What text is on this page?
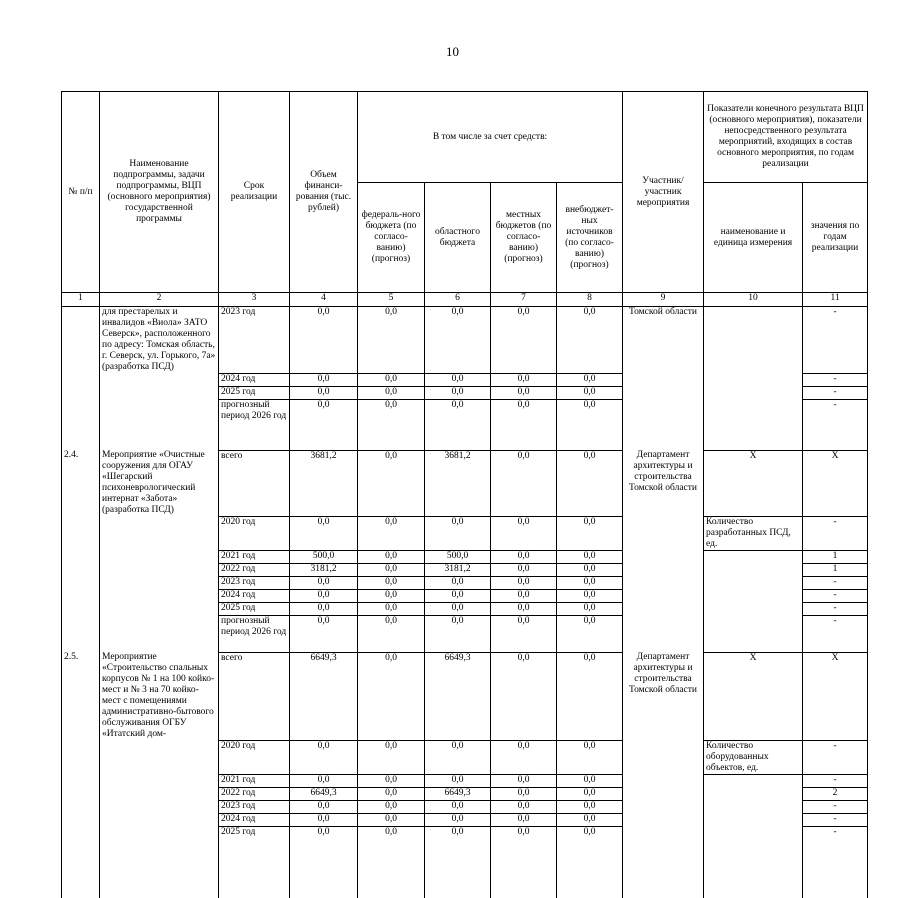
10
№ п/п	Наименование подпрограммы, задачи подпрограммы, ВЦП (основного мероприятия) государственной программы	Срок реализации	Объем финанси-рования (тыс. рублей)	В том числе за счет средств:				Участник/ участник мероприятия	Показатели конечного результата ВЦП (основного мероприятия), показатели непосредственного результата мероприятий, входящих в состав основного мероприятия, по годам реализации	
				федераль-ного бюджета (по согласо-ванию) (прогноз)	областного бюджета	местных бюджетов (по согласо-ванию) (прогноз)	внебюджет-ных источников (по согласо-ванию) (прогноз)		наименование и единица измерения	значения по годам реализации
1	2	3	4	5	6	7	8	9	10	11
	для престарелых и инвалидов «Виола» ЗАТО Северск», расположенного по адресу: Томская область, г. Северск, ул. Горького, 7а» (разработка ПСД)	2023 год	0,0	0,0	0,0	0,0	0,0	Томской области		-
		2024 год	0,0	0,0	0,0	0,0	0,0			-
		2025 год	0,0	0,0	0,0	0,0	0,0			-
		прогнозный период 2026 год	0,0	0,0	0,0	0,0	0,0			-
2.4.	Мероприятие «Очистные сооружения для ОГАУ «Шегарский психоневрологический интернат «Забота» (разработка ПСД)	всего	3681,2	0,0	3681,2	0,0	0,0	Департамент архитектуры и строительства Томской области	Х	Х
		2020 год	0,0	0,0	0,0	0,0	0,0		Количество разработанных ПСД, ед.	-
		2021 год	500,0	0,0	500,0	0,0	0,0			1
		2022 год	3181,2	0,0	3181,2	0,0	0,0			1
		2023 год	0,0	0,0	0,0	0,0	0,0			-
		2024 год	0,0	0,0	0,0	0,0	0,0			-
		2025 год	0,0	0,0	0,0	0,0	0,0			-
		прогнозный период 2026 год	0,0	0,0	0,0	0,0	0,0			-
2.5.	Мероприятие «Строительство спальных корпусов № 1 на 100 койко-мест и № 3 на 70 койко-мест с помещениями административно-бытового обслуживания ОГБУ «Итатский дом-	всего	6649,3	0,0	6649,3	0,0	0,0	Департамент архитектуры и строительства Томской области	Х	Х
		2020 год	0,0	0,0	0,0	0,0	0,0		Количество оборудованных объектов, ед.	-
		2021 год	0,0	0,0	0,0	0,0	0,0			-
		2022 год	6649,3	0,0	6649,3	0,0	0,0			2
		2023 год	0,0	0,0	0,0	0,0	0,0			-
		2024 год	0,0	0,0	0,0	0,0	0,0			-
		2025 год	0,0	0,0	0,0	0,0	0,0			-
